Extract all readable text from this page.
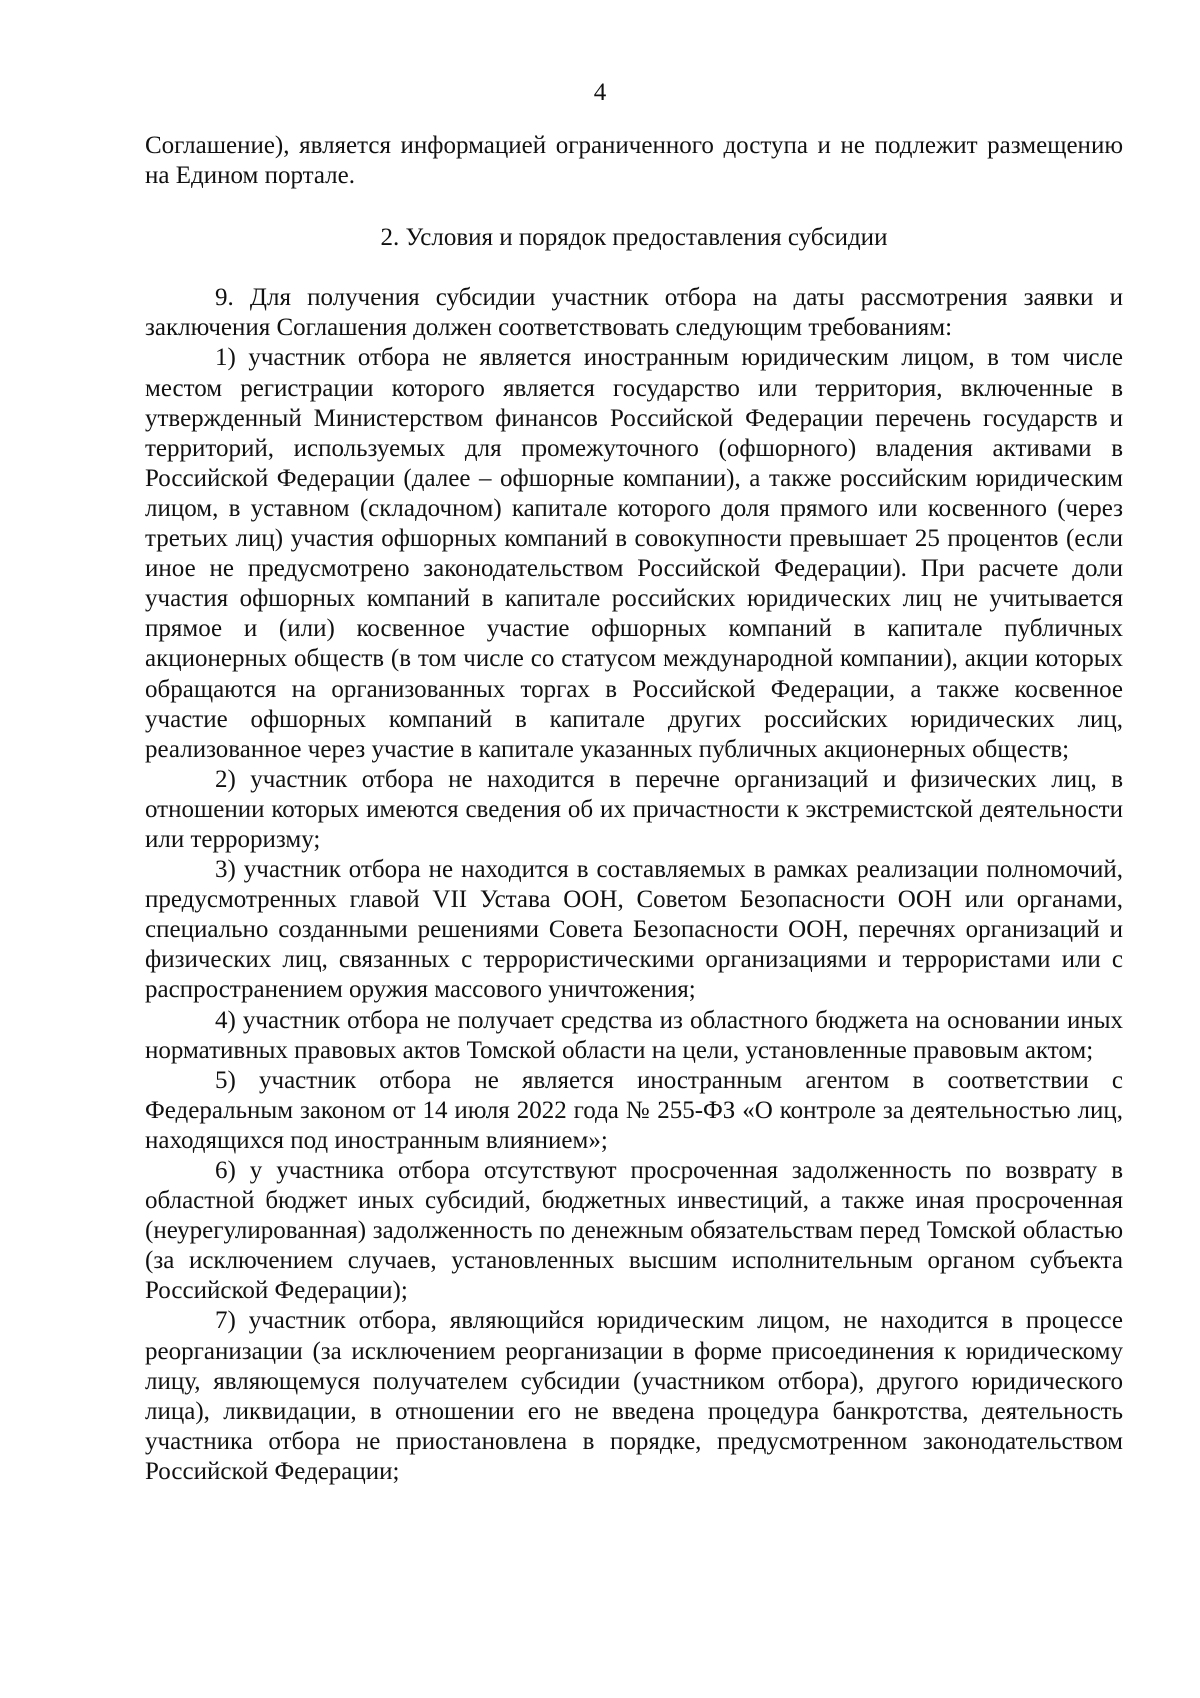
4

Соглашение), является информацией ограниченного доступа и не подлежит размещению на Едином портале.

2. Условия и порядок предоставления субсидии

9. Для получения субсидии участник отбора на даты рассмотрения заявки и заключения Соглашения должен соответствовать следующим требованиям:

1) участник отбора не является иностранным юридическим лицом, в том числе местом регистрации которого является государство или территория, включенные в утвержденный Министерством финансов Российской Федерации перечень государств и территорий, используемых для промежуточного (офшорного) владения активами в Российской Федерации (далее – офшорные компании), а также российским юридическим лицом, в уставном (складочном) капитале которого доля прямого или косвенного (через третьих лиц) участия офшорных компаний в совокупности превышает 25 процентов (если иное не предусмотрено законодательством Российской Федерации). При расчете доли участия офшорных компаний в капитале российских юридических лиц не учитывается прямое и (или) косвенное участие офшорных компаний в капитале публичных акционерных обществ (в том числе со статусом международной компании), акции которых обращаются на организованных торгах в Российской Федерации, а также косвенное участие офшорных компаний в капитале других российских юридических лиц, реализованное через участие в капитале указанных публичных акционерных обществ;

2) участник отбора не находится в перечне организаций и физических лиц, в отношении которых имеются сведения об их причастности к экстремистской деятельности или терроризму;

3) участник отбора не находится в составляемых в рамках реализации полномочий, предусмотренных главой VII Устава ООН, Советом Безопасности ООН или органами, специально созданными решениями Совета Безопасности ООН, перечнях организаций и физических лиц, связанных с террористическими организациями и террористами или с распространением оружия массового уничтожения;

4) участник отбора не получает средства из областного бюджета на основании иных нормативных правовых актов Томской области на цели, установленные правовым актом;

5) участник отбора не является иностранным агентом в соответствии с Федеральным законом от 14 июля 2022 года № 255-ФЗ «О контроле за деятельностью лиц, находящихся под иностранным влиянием»;

6) у участника отбора отсутствуют просроченная задолженность по возврату в областной бюджет иных субсидий, бюджетных инвестиций, а также иная просроченная (неурегулированная) задолженность по денежным обязательствам перед Томской областью (за исключением случаев, установленных высшим исполнительным органом субъекта Российской Федерации);

7) участник отбора, являющийся юридическим лицом, не находится в процессе реорганизации (за исключением реорганизации в форме присоединения к юридическому лицу, являющемуся получателем субсидии (участником отбора), другого юридического лица), ликвидации, в отношении его не введена процедура банкротства, деятельность участника отбора не приостановлена в порядке, предусмотренном законодательством Российской Федерации;
